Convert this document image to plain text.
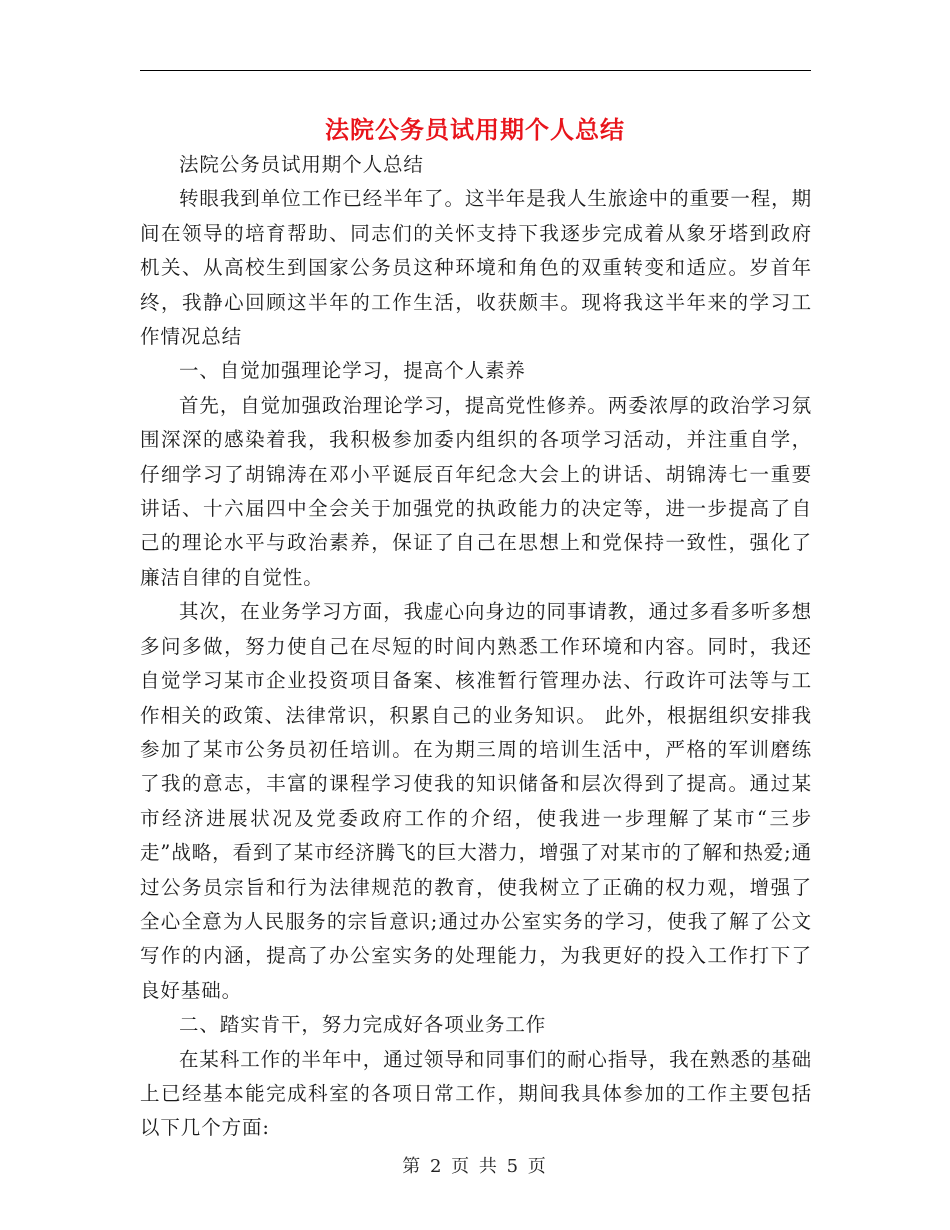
法院公务员试用期个人总结

法院公务员试用期个人总结

转眼我到单位工作已经半年了。这半年是我人生旅途中的重要一程，期间在领导的培育帮助、同志们的关怀支持下我逐步完成着从象牙塔到政府机关、从高校生到国家公务员这种环境和角色的双重转变和适应。岁首年终，我静心回顾这半年的工作生活，收获颇丰。现将我这半年来的学习工作情况总结

一、自觉加强理论学习，提高个人素养

首先，自觉加强政治理论学习，提高党性修养。两委浓厚的政治学习氛围深深的感染着我，我积极参加委内组织的各项学习活动，并注重自学，仔细学习了胡锦涛在邓小平诞辰百年纪念大会上的讲话、胡锦涛七一重要讲话、十六届四中全会关于加强党的执政能力的决定等，进一步提高了自己的理论水平与政治素养，保证了自己在思想上和党保持一致性，强化了廉洁自律的自觉性。

其次，在业务学习方面，我虚心向身边的同事请教，通过多看多听多想多问多做，努力使自己在尽短的时间内熟悉工作环境和内容。同时，我还自觉学习某市企业投资项目备案、核准暂行管理办法、行政许可法等与工作相关的政策、法律常识，积累自己的业务知识。 此外，根据组织安排我参加了某市公务员初任培训。在为期三周的培训生活中，严格的军训磨练了我的意志，丰富的课程学习使我的知识储备和层次得到了提高。通过某市经济进展状况及党委政府工作的介绍，使我进一步理解了某市“三步走”战略，看到了某市经济腾飞的巨大潜力，增强了对某市的了解和热爱;通过公务员宗旨和行为法律规范的教育，使我树立了正确的权力观，增强了全心全意为人民服务的宗旨意识;通过办公室实务的学习，使我了解了公文写作的内涵，提高了办公室实务的处理能力，为我更好的投入工作打下了良好基础。

二、踏实肯干，努力完成好各项业务工作

在某科工作的半年中，通过领导和同事们的耐心指导，我在熟悉的基础上已经基本能完成科室的各项日常工作，期间我具体参加的工作主要包括以下几个方面:

第 2 页 共 5 页
